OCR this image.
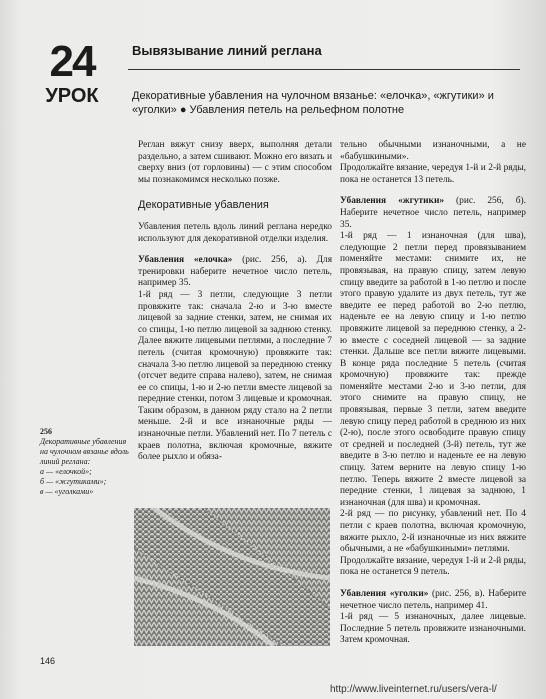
24
УРОК
Вывязывание линий реглана
Декоративные убавления на чулочном вязанье: «елочка», «жгутики» и «уголки» ● Убавления петель на рельефном полотне

Реглан вяжут снизу вверх, выполняя детали раздельно, а затем сшивают. Можно его вязать и сверху вниз (от горловины) — с этим способом мы познакомимся несколько позже.

Декоративные убавления

Убавления петель вдоль линий реглана нередко используют для декоративной отделки изделия.

Убавления «елочка» (рис. 256, а). Для тренировки наберите нечетное число петель, например 35.

1-й ряд — 3 петли, следующие 3 петли провяжите так: сначала 2-ю и 3-ю вместе лицевой за задние стенки, затем, не снимая их со спицы, 1-ю петлю лицевой за заднюю стенку. Далее вяжите лицевыми петлями, а последние 7 петель (считая кромочную) провяжите так: сначала 3-ю петлю лицевой за переднюю стенку (отсчет ведите справа налево), затем, не снимая ее со спицы, 1-ю и 2-ю петли вместе лицевой за передние стенки, потом 3 лицевые и кромочная. Таким образом, в данном ряду стало на 2 петли меньше. 2-й и все изнаночные ряды — изнаночные петли. Убавлений нет. По 7 петель с краев полотна, включая кромочные, вяжите более рыхло и обяза-

тельно обычными изнаночными, а не «бабушкиными».

Продолжайте вязание, чередуя 1-й и 2-й ряды, пока не останется 13 петель.

Убавления «жгутики» (рис. 256, б). Наберите нечетное число петель, например 35.

1-й ряд — 1 изнаночная (для шва), следующие 2 петли перед провязыванием поменяйте местами: снимите их, не провязывая, на правую спицу, затем левую спицу введите за работой в 1-ю петлю и после этого правую удалите из двух петель, тут же введите ее перед работой во 2-ю петлю, наденьте ее на левую спицу и 1-ю петлю провяжите лицевой за переднюю стенку, а 2-ю вместе с соседней лицевой — за задние стенки. Дальше все петли вяжите лицевыми. В конце ряда последние 5 петель (считая кромочную) провяжите так: прежде поменяйте местами 2-ю и 3-ю петли, для этого снимите на правую спицу, не провязывая, первые 3 петли, затем введите левую спицу перед работой в среднюю из них (2-ю), после этого освободите правую спицу от средней и последней (3-й) петель, тут же введите в 3-ю петлю и наденьте ее на левую спицу. Затем верните на левую спицу 1-ю петлю. Теперь вяжите 2 вместе лицевой за передние стенки, 1 лицевая за заднюю, 1 изнаночная (для шва) и кромочная.

2-й ряд — по рисунку, убавлений нет. По 4 петли с краев полотна, включая кромочную, вяжите рыхло, 2-й изнаночные из них вяжите обычными, а не «бабушкиными» петлями.

Продолжайте вязание, чередуя 1-й и 2-й ряды, пока не останется 9 петель.

Убавления «уголки» (рис. 256, в). Наберите нечетное число петель, например 41.

1-й ряд — 5 изнаночных, далее лицевые. Последние 5 петель провяжите изнаночными. Затем кромочная.

256
Декоративные убавления на чулочном вязанье вдоль линий реглана:
а — «елочкой»;
б — «жгутиками»;
в — «уголками»
146
http://www.liveinternet.ru/users/vera-l/
